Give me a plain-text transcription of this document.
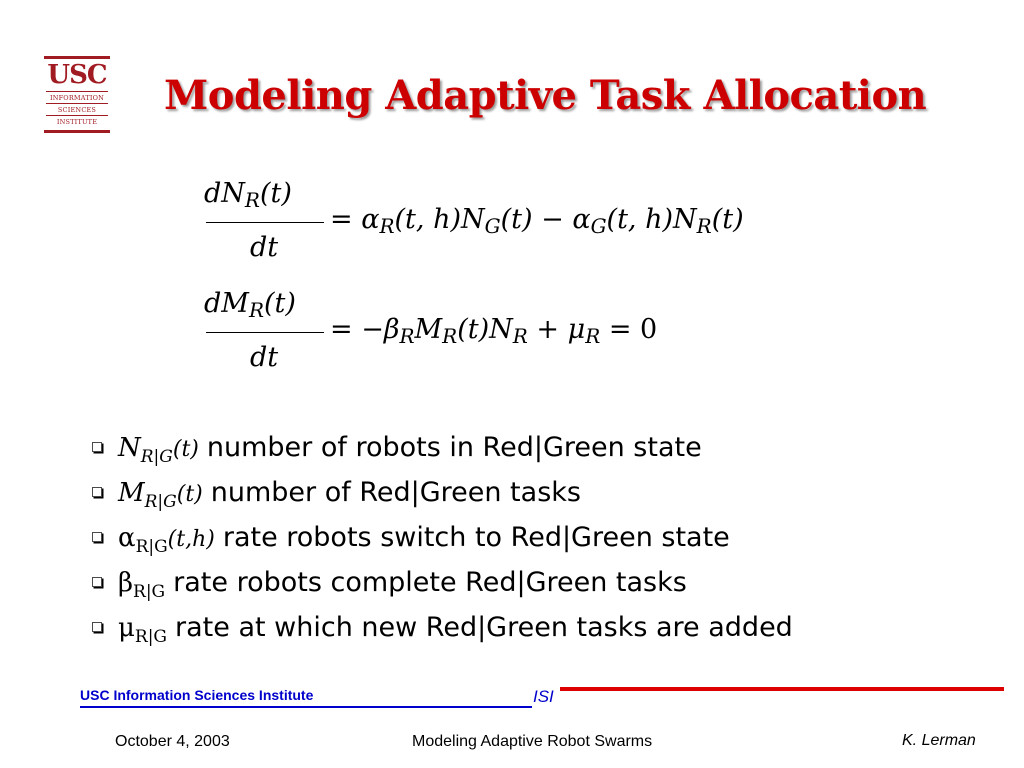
USC
INFORMATION
SCIENCES
INSTITUTE
Modeling Adaptive Task Allocation
$dN_R(t)$
dt
= $\alpha_R(t$, $h)N_G(t) - \alpha_G(t$, $h)N_R(t)$
$dM_R(t)$
dt
= $-\beta_RM_R(t)N_R + \mu_R = 0$
$N_{R|G}(t)$ number of robots in Red|Green state
$M_{R|G}(t)$ number of Red|Green tasks
$\alpha_{R|G}(t,h)$ rate robots switch to Red|Green state
$\beta_{R|G}$ rate robots complete Red|Green tasks
$\mu_{R|G}$ rate at which new Red|Green tasks are added
USC Information Sciences Institute	ISI
October 4, 2003	Modeling Adaptive Robot Swarms	K. Lerman
